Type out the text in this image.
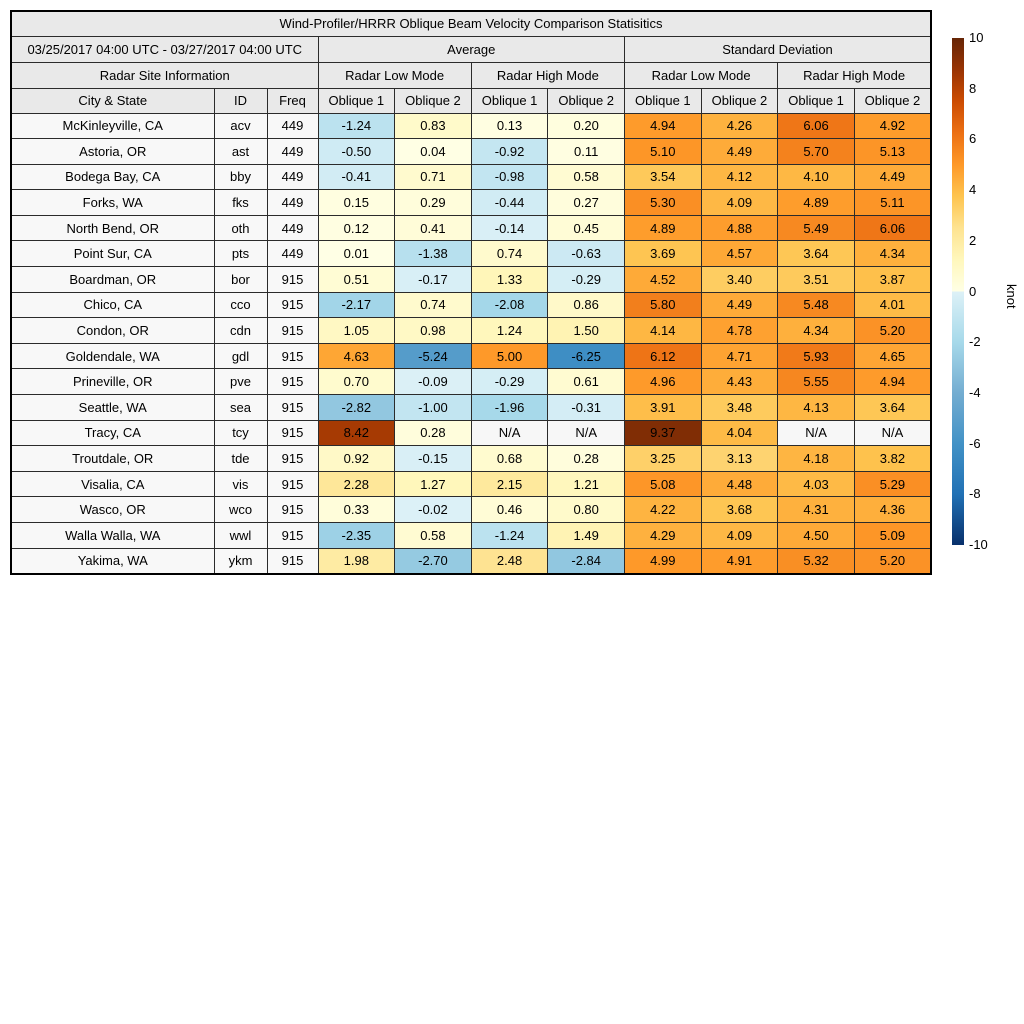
Wind-Profiler/HRRR Oblique Beam Velocity Comparison Statisitics										
03/25/2017 04:00 UTC - 03/27/2017 04:00 UTC			Average				Standard Deviation			
Radar Site Information			Radar Low Mode		Radar High Mode		Radar Low Mode		Radar High Mode	
City & State	ID	Freq	Oblique 1	Oblique 2	Oblique 1	Oblique 2	Oblique 1	Oblique 2	Oblique 1	Oblique 2
McKinleyville, CA	acv	449	-1.24	0.83	0.13	0.20	4.94	4.26	6.06	4.92
Astoria, OR	ast	449	-0.50	0.04	-0.92	0.11	5.10	4.49	5.70	5.13
Bodega Bay, CA	bby	449	-0.41	0.71	-0.98	0.58	3.54	4.12	4.10	4.49
Forks, WA	fks	449	0.15	0.29	-0.44	0.27	5.30	4.09	4.89	5.11
North Bend, OR	oth	449	0.12	0.41	-0.14	0.45	4.89	4.88	5.49	6.06
Point Sur, CA	pts	449	0.01	-1.38	0.74	-0.63	3.69	4.57	3.64	4.34
Boardman, OR	bor	915	0.51	-0.17	1.33	-0.29	4.52	3.40	3.51	3.87
Chico, CA	cco	915	-2.17	0.74	-2.08	0.86	5.80	4.49	5.48	4.01
Condon, OR	cdn	915	1.05	0.98	1.24	1.50	4.14	4.78	4.34	5.20
Goldendale, WA	gdl	915	4.63	-5.24	5.00	-6.25	6.12	4.71	5.93	4.65
Prineville, OR	pve	915	0.70	-0.09	-0.29	0.61	4.96	4.43	5.55	4.94
Seattle, WA	sea	915	-2.82	-1.00	-1.96	-0.31	3.91	3.48	4.13	3.64
Tracy, CA	tcy	915	8.42	0.28	N/A	N/A	9.37	4.04	N/A	N/A
Troutdale, OR	tde	915	0.92	-0.15	0.68	0.28	3.25	3.13	4.18	3.82
Visalia, CA	vis	915	2.28	1.27	2.15	1.21	5.08	4.48	4.03	5.29
Wasco, OR	wco	915	0.33	-0.02	0.46	0.80	4.22	3.68	4.31	4.36
Walla Walla, WA	wwl	915	-2.35	0.58	-1.24	1.49	4.29	4.09	4.50	5.09
Yakima, WA	ykm	915	1.98	-2.70	2.48	-2.84	4.99	4.91	5.32	5.20
10
8
6
4
2
0
-2
-4
-6
-8
-10
knot
